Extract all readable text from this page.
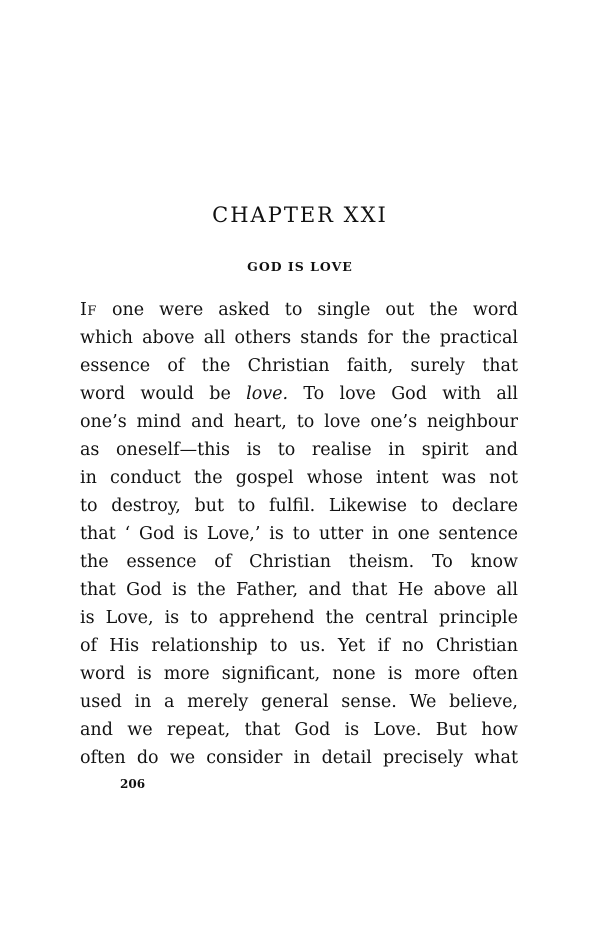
CHAPTER XXI
GOD IS LOVE
IF one were asked to single out the word
which above all others stands for the practical
essence of the Christian faith, surely that
word would be love. To love God with all
one’s mind and heart, to love one’s neighbour
as oneself—this is to realise in spirit and
in conduct the gospel whose intent was not
to destroy, but to fulfil. Likewise to declare
that ‘ God is Love,’ is to utter in one sentence
the essence of Christian theism. To know
that God is the Father, and that He above all
is Love, is to apprehend the central principle
of His relationship to us. Yet if no Christian
word is more significant, none is more often
used in a merely general sense. We believe,
and we repeat, that God is Love. But how
often do we consider in detail precisely what
206
